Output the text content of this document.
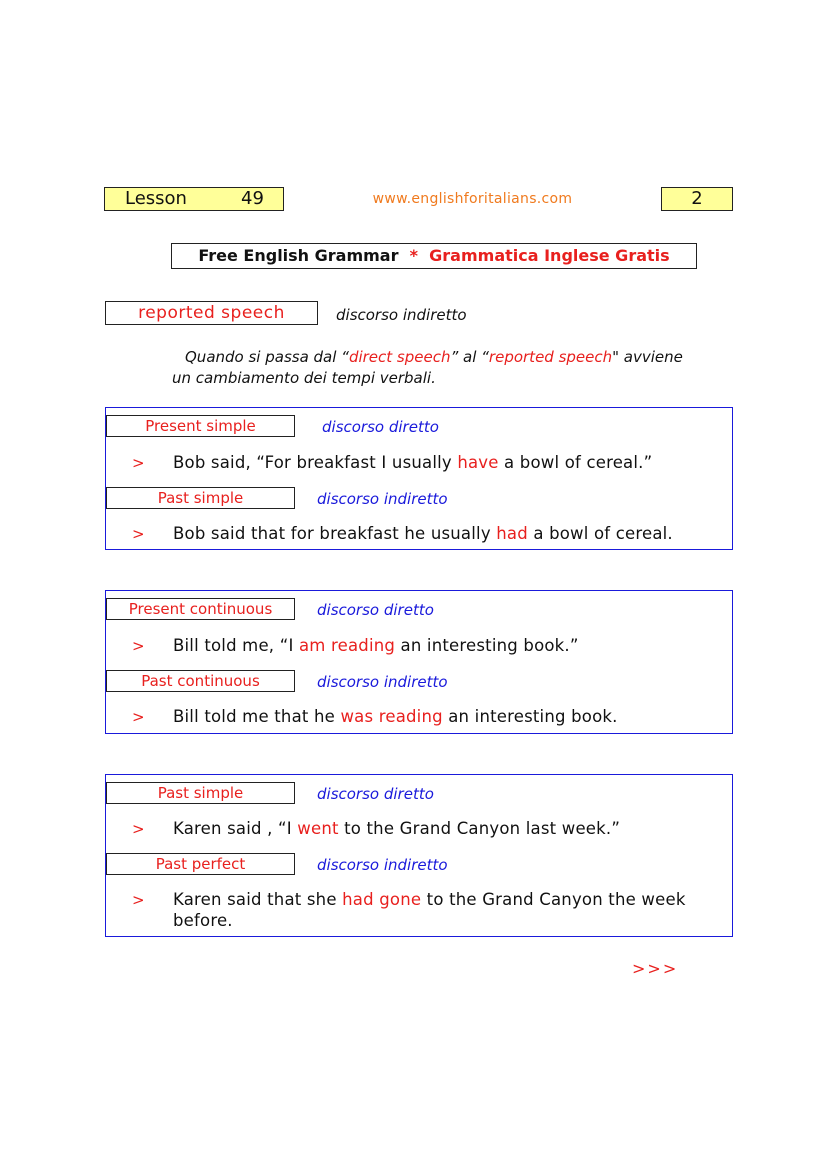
Lesson	49	www.englishforitalians.com	2
Free English Grammar * Grammatica Inglese Gratis
reported speech	discorso indiretto
Quando si passa dal “direct speech” al “reported speech" avviene
un cambiamento dei tempi verbali.
Present simple	discorso diretto
> Bob said, “For breakfast I usually have a bowl of cereal.”
Past simple	discorso indiretto
> Bob said that for breakfast he usually had a bowl of cereal.
Present continuous	discorso diretto
> Bill told me, “I am reading an interesting book.”
Past continuous	discorso indiretto
> Bill told me that he was reading an interesting book.
Past simple	discorso diretto
> Karen said , “I went to the Grand Canyon last week.”
Past perfect	discorso indiretto
> Karen said that she had gone to the Grand Canyon the week
before.
>>>
